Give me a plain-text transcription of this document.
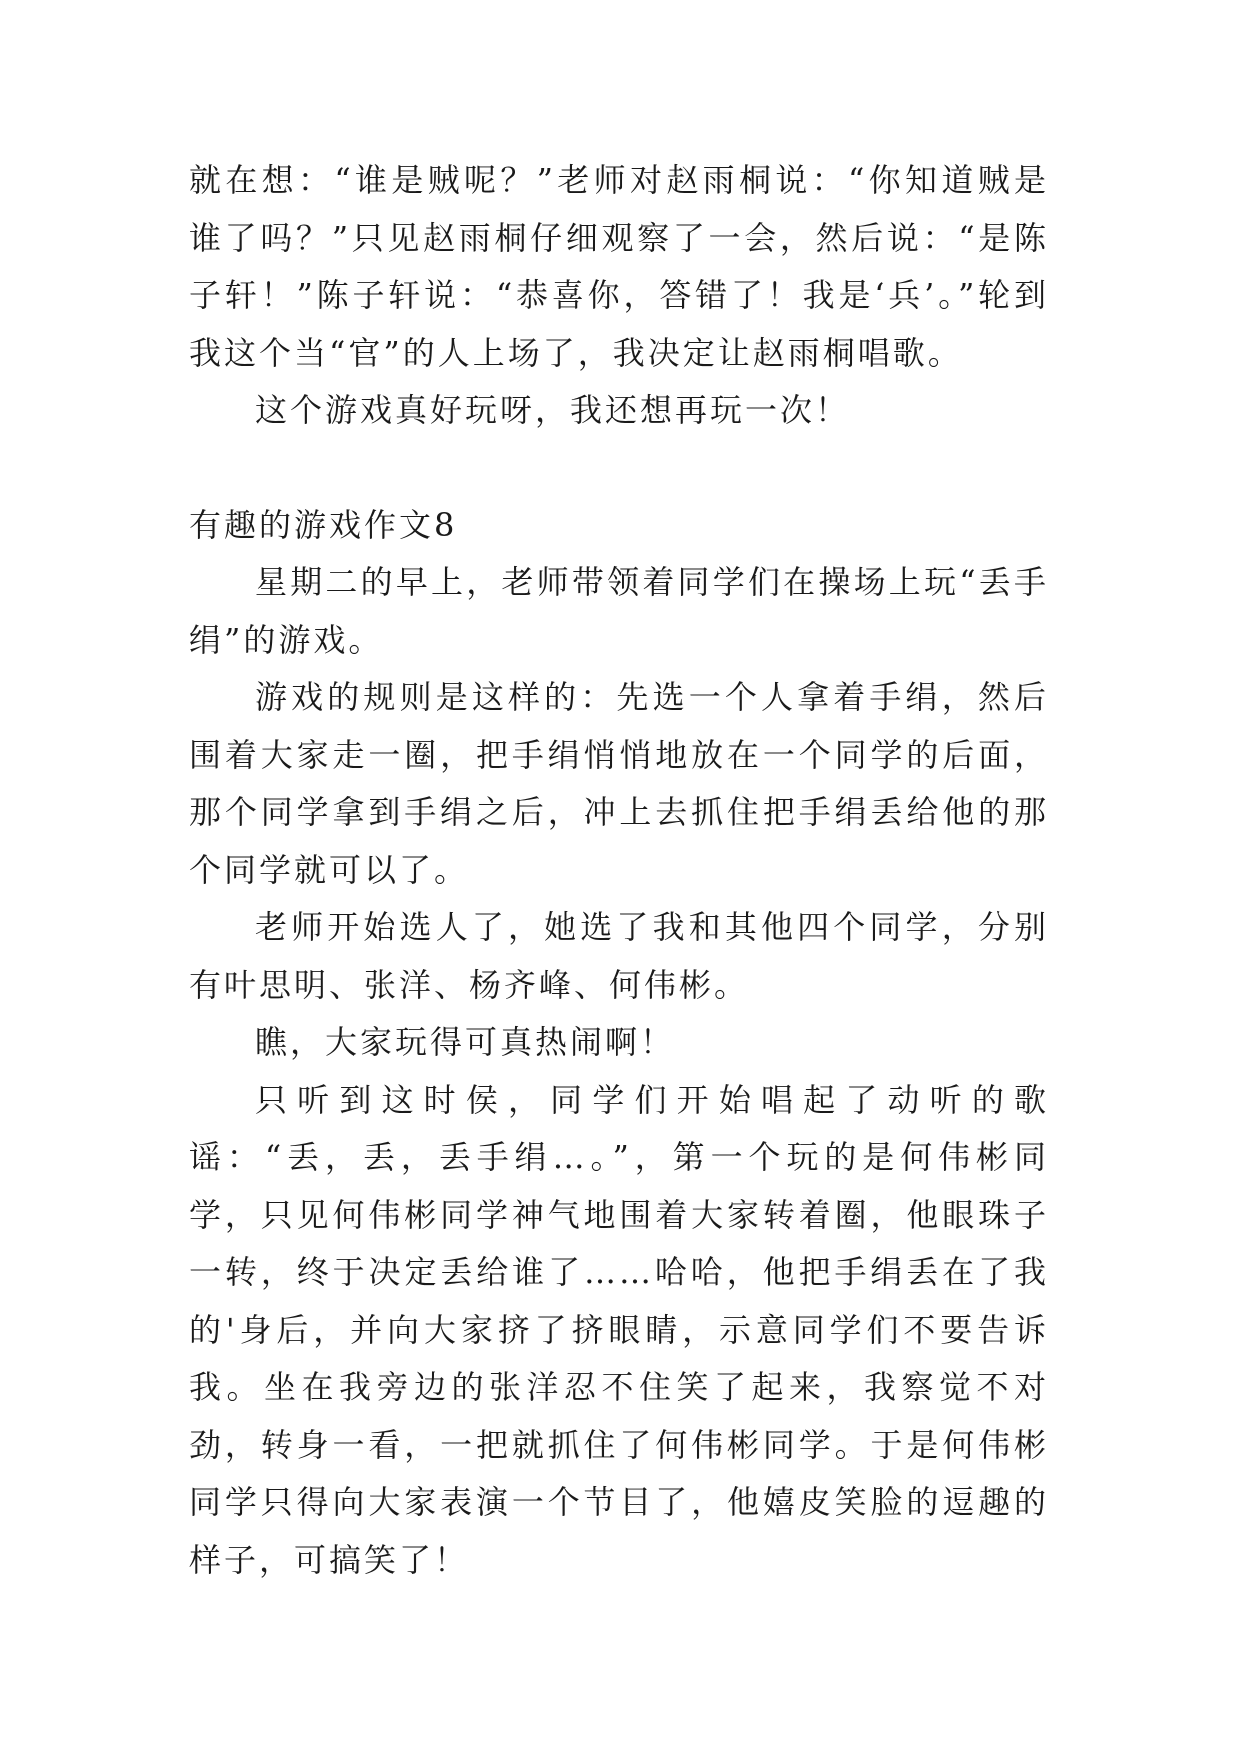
就在想：“谁是贼呢？”老师对赵雨桐说：“你知道贼是谁了吗？”只见赵雨桐仔细观察了一会，然后说：“是陈子轩！”陈子轩说：“恭喜你，答错了！我是‘兵’。”轮到我这个当“官”的人上场了，我决定让赵雨桐唱歌。

这个游戏真好玩呀，我还想再玩一次！

有趣的游戏作文8

星期二的早上，老师带领着同学们在操场上玩“丢手绢”的游戏。

游戏的规则是这样的：先选一个人拿着手绢，然后围着大家走一圈，把手绢悄悄地放在一个同学的后面，那个同学拿到手绢之后，冲上去抓住把手绢丢给他的那个同学就可以了。

老师开始选人了，她选了我和其他四个同学，分别有叶思明、张洋、杨齐峰、何伟彬。

瞧，大家玩得可真热闹啊！

只听到这时侯，同学们开始唱起了动听的歌谣：“丢，丢，丢手绢…。”，第一个玩的是何伟彬同学，只见何伟彬同学神气地围着大家转着圈，他眼珠子一转，终于决定丢给谁了……哈哈，他把手绢丢在了我的'身后，并向大家挤了挤眼睛，示意同学们不要告诉我。坐在我旁边的张洋忍不住笑了起来，我察觉不对劲，转身一看，一把就抓住了何伟彬同学。于是何伟彬同学只得向大家表演一个节目了，他嬉皮笑脸的逗趣的样子，可搞笑了！
